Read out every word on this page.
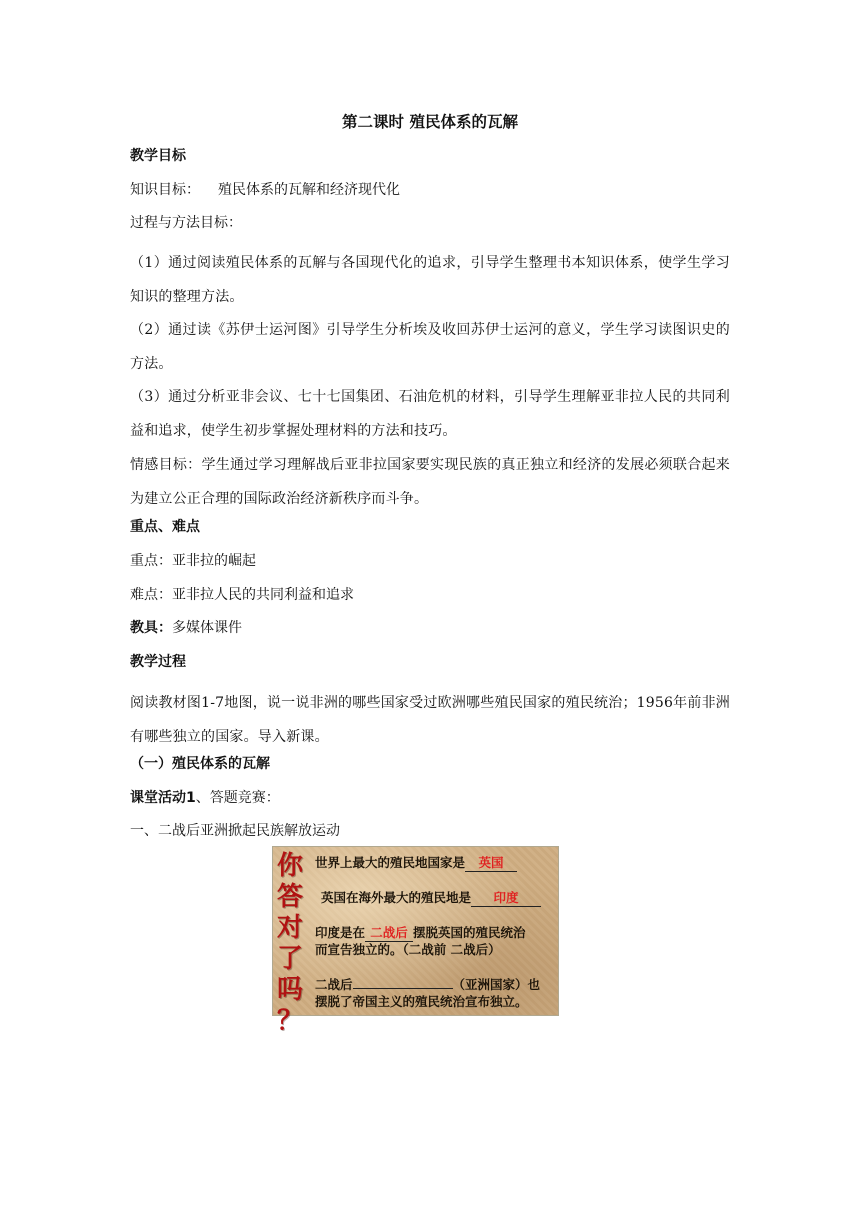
第二课时 殖民体系的瓦解
教学目标
知识目标： 殖民体系的瓦解和经济现代化
过程与方法目标：
（1）通过阅读殖民体系的瓦解与各国现代化的追求，引导学生整理书本知识体系，使学生学习知识的整理方法。
（2）通过读《苏伊士运河图》引导学生分析埃及收回苏伊士运河的意义，学生学习读图识史的方法。
（3）通过分析亚非会议、七十七国集团、石油危机的材料，引导学生理解亚非拉人民的共同利益和追求，使学生初步掌握处理材料的方法和技巧。
情感目标：学生通过学习理解战后亚非拉国家要实现民族的真正独立和经济的发展必须联合起来为建立公正合理的国际政治经济新秩序而斗争。
重点、难点
重点：亚非拉的崛起
难点：亚非拉人民的共同利益和追求
教具：多媒体课件
教学过程
阅读教材图1-7地图，说一说非洲的哪些国家受过欧洲哪些殖民国家的殖民统治；1956年前非洲有哪些独立的国家。导入新课。
（一）殖民体系的瓦解
课堂活动1、答题竞赛：
一、二战后亚洲掀起民族解放运动
你
答
对
了
吗
？
世界上最大的殖民地国家是 英国
英国在海外最大的殖民地是 印度
印度是在 二战后 摆脱英国的殖民统治
而宣告独立的。（二战前 二战后）
二战后	（亚洲国家）也
摆脱了帝国主义的殖民统治宣布独立。
